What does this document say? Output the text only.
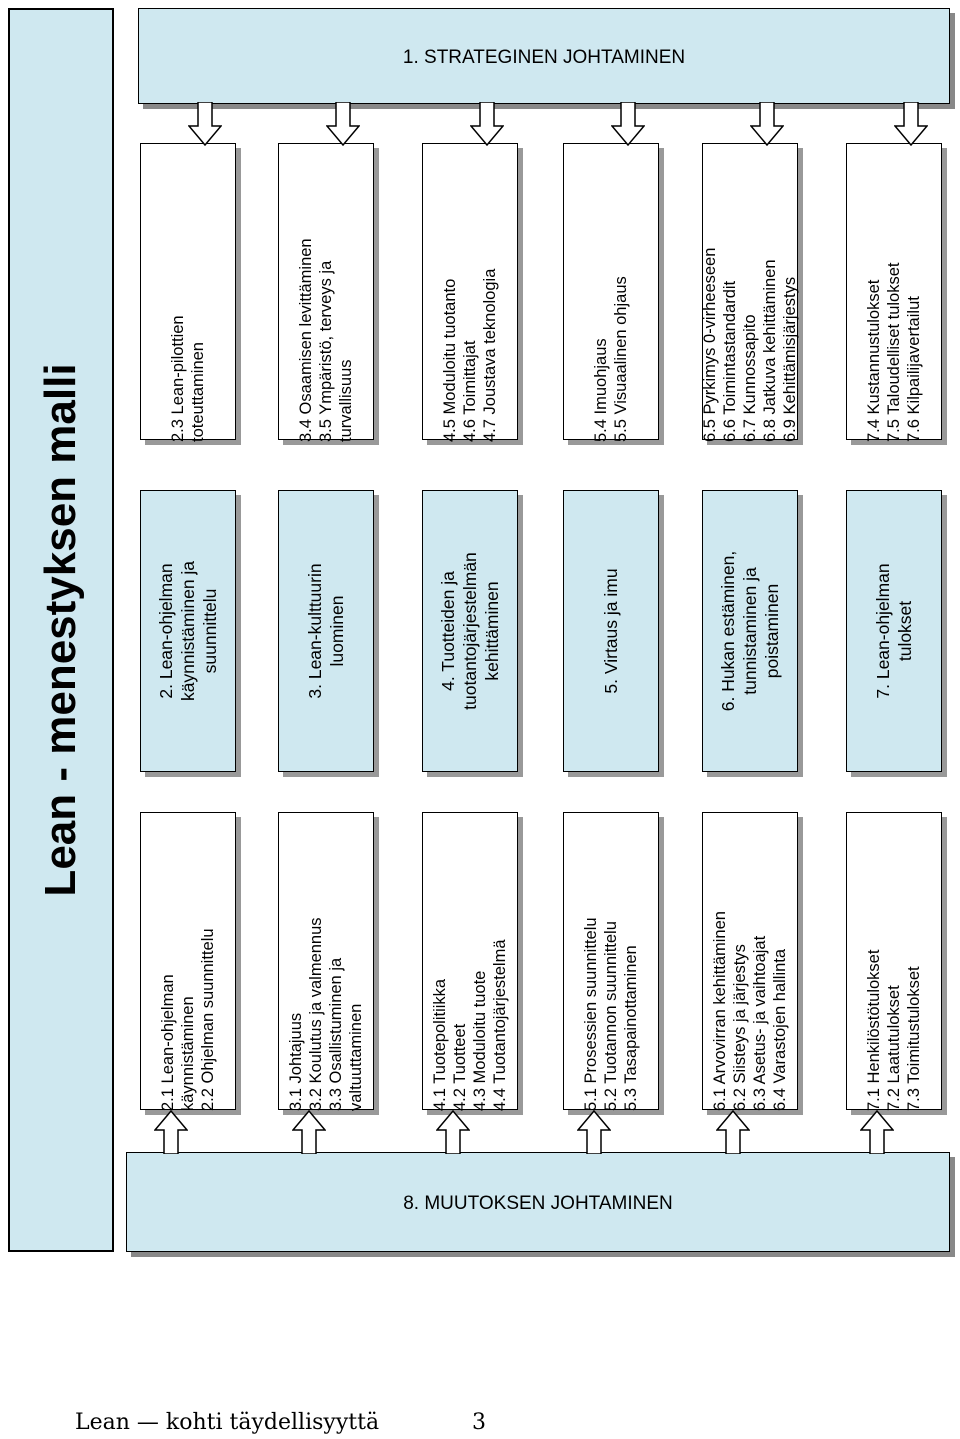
Lean - menestyksen malli
1. STRATEGINEN JOHTAMINEN
8. MUUTOKSEN JOHTAMINEN
2.1 Lean-ohjelman käynnistäminen 2.2 Ohjelman suunnittelu
2. Lean-ohjelman käynnistäminen ja suunnittelu
2.3 Lean-pilottien toteuttaminen
3.1 Johtajuus 3.2 Koulutus ja valmennus 3.3 Osallistuminen ja valtuuttaminen
3. Lean-kulttuurin luominen
3.4 Osaamisen levittäminen 3.5 Ympäristö, terveys ja turvallisuus
4.1 Tuotepolitiikka 4.2 Tuotteet 4.3 Moduloitu tuote 4.4 Tuotantojärjestelmä
4. Tuotteiden ja tuotantojärjestelmän kehittäminen
4.5 Moduloitu tuotanto 4.6 Toimittajat 4.7 Joustava teknologia
5.1 Prosessien suunnittelu 5.2 Tuotannon suunnittelu 5.3 Tasapainottaminen
5. Virtaus ja imu
5.4 Imuohjaus 5.5 Visuaalinen ohjaus
6.1 Arvovirran kehittäminen 6.2 Siisteys ja järjestys 6.3 Asetus- ja vaihtoajat 6.4 Varastojen hallinta
6. Hukan estäminen, tunnistaminen ja poistaminen
6.5 Pyrkimys 0-virheeseen 6.6 Toimintastandardit 6.7 Kunnossapito 6.8 Jatkuva kehittäminen 6.9 Kehittämisjärjestys
7.1 Henkilöstötulokset 7.2 Laatutulokset 7.3 Toimitustulokset
7. Lean-ohjelman tulokset
7.4 Kustannustulokset 7.5 Taloudelliset tulokset 7.6 Kilpailijavertailut
Lean — kohti täydellisyyttä	3
